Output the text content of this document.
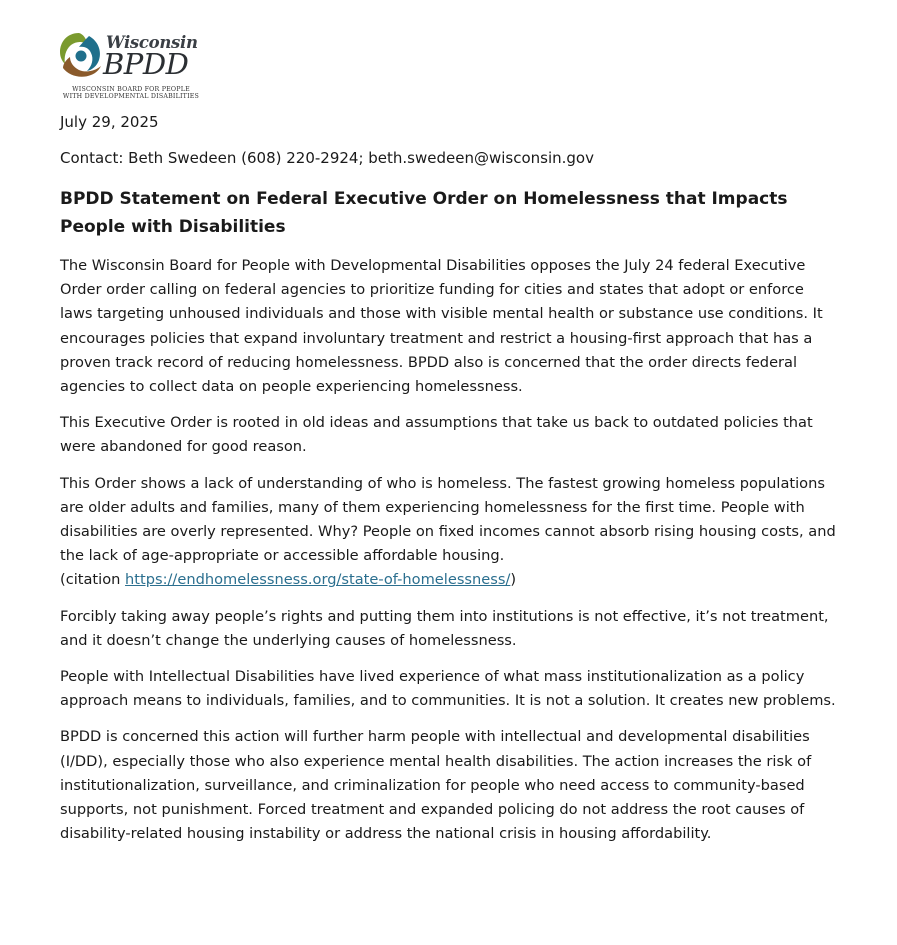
Wisconsin
BPDD
WISCONSIN BOARD FOR PEOPLE
WITH DEVELOPMENTAL DISABILITIES
July 29, 2025
Contact: Beth Swedeen (608) 220-2924; beth.swedeen@wisconsin.gov
BPDD Statement on Federal Executive Order on Homelessness that Impacts People with Disabilities

The Wisconsin Board for People with Developmental Disabilities opposes the July 24 federal Executive Order order calling on federal agencies to prioritize funding for cities and states that adopt or enforce laws targeting unhoused individuals and those with visible mental health or substance use conditions. It encourages policies that expand involuntary treatment and restrict a housing-first approach that has a proven track record of reducing homelessness. BPDD also is concerned that the order directs federal agencies to collect data on people experiencing homelessness.

This Executive Order is rooted in old ideas and assumptions that take us back to outdated policies that were abandoned for good reason.

This Order shows a lack of understanding of who is homeless. The fastest growing homeless populations are older adults and families, many of them experiencing homelessness for the first time. People with disabilities are overly represented. Why? People on fixed incomes cannot absorb rising housing costs, and the lack of age-appropriate or accessible affordable housing.
(citation https://endhomelessness.org/state-of-homelessness/)

Forcibly taking away people’s rights and putting them into institutions is not effective, it’s not treatment, and it doesn’t change the underlying causes of homelessness.

People with Intellectual Disabilities have lived experience of what mass institutionalization as a policy approach means to individuals, families, and to communities. It is not a solution. It creates new problems.

BPDD is concerned this action will further harm people with intellectual and developmental disabilities (I/DD), especially those who also experience mental health disabilities. The action increases the risk of institutionalization, surveillance, and criminalization for people who need access to community-based supports, not punishment. Forced treatment and expanded policing do not address the root causes of disability-related housing instability or address the national crisis in housing affordability.
